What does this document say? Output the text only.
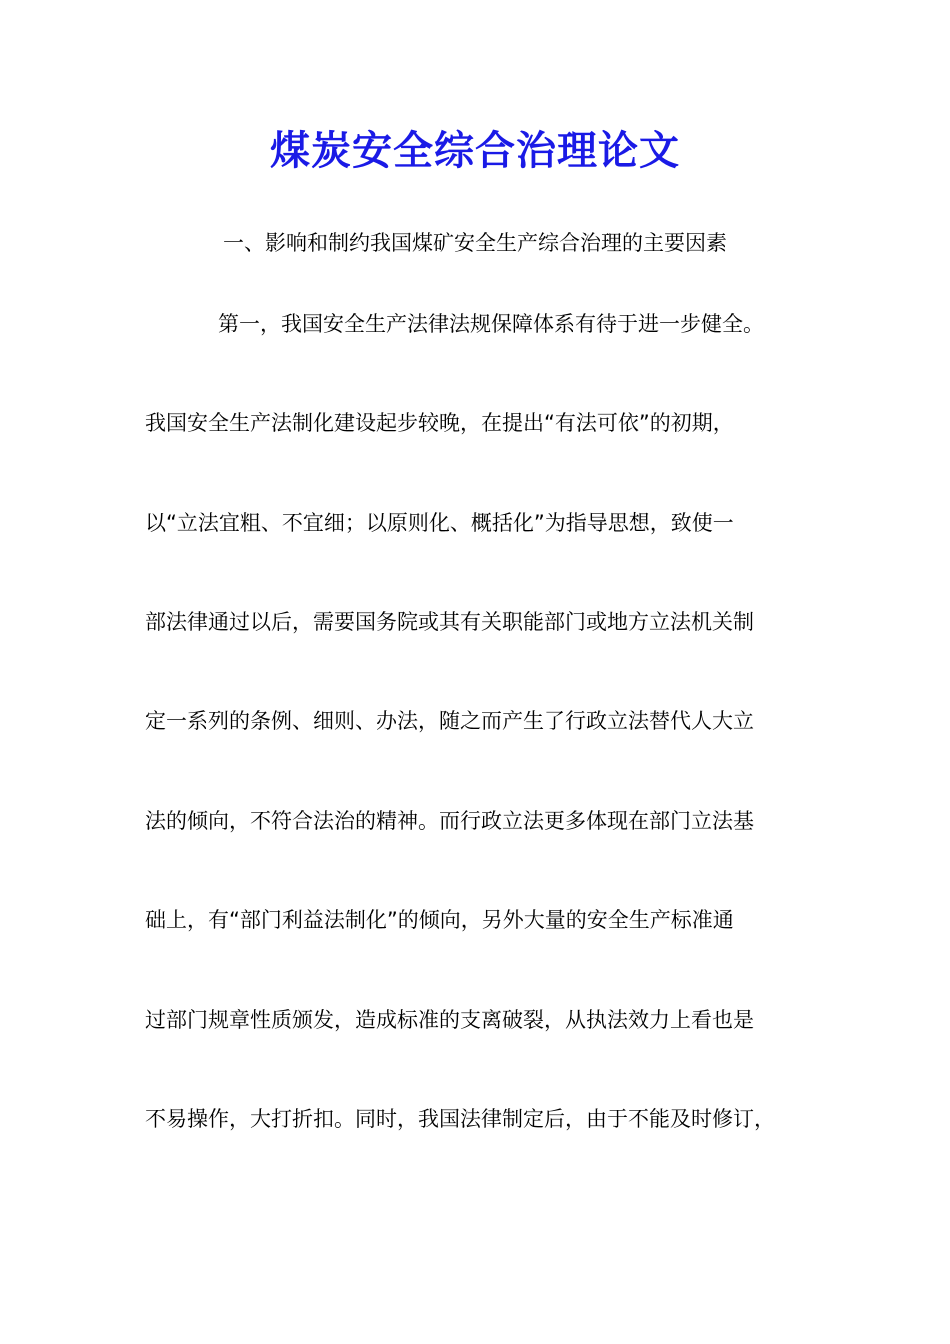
煤炭安全综合治理论文
一、影响和制约我国煤矿安全生产综合治理的主要因素
第一，我国安全生产法律法规保障体系有待于进一步健全。
我国安全生产法制化建设起步较晚，在提出“有法可依”的初期，
以“立法宜粗、不宜细；以原则化、概括化”为指导思想，致使一
部法律通过以后，需要国务院或其有关职能部门或地方立法机关制
定一系列的条例、细则、办法，随之而产生了行政立法替代人大立
法的倾向，不符合法治的精神。而行政立法更多体现在部门立法基
础上，有“部门利益法制化”的倾向，另外大量的安全生产标准通
过部门规章性质颁发，造成标准的支离破裂，从执法效力上看也是
不易操作，大打折扣。同时，我国法律制定后，由于不能及时修订，
